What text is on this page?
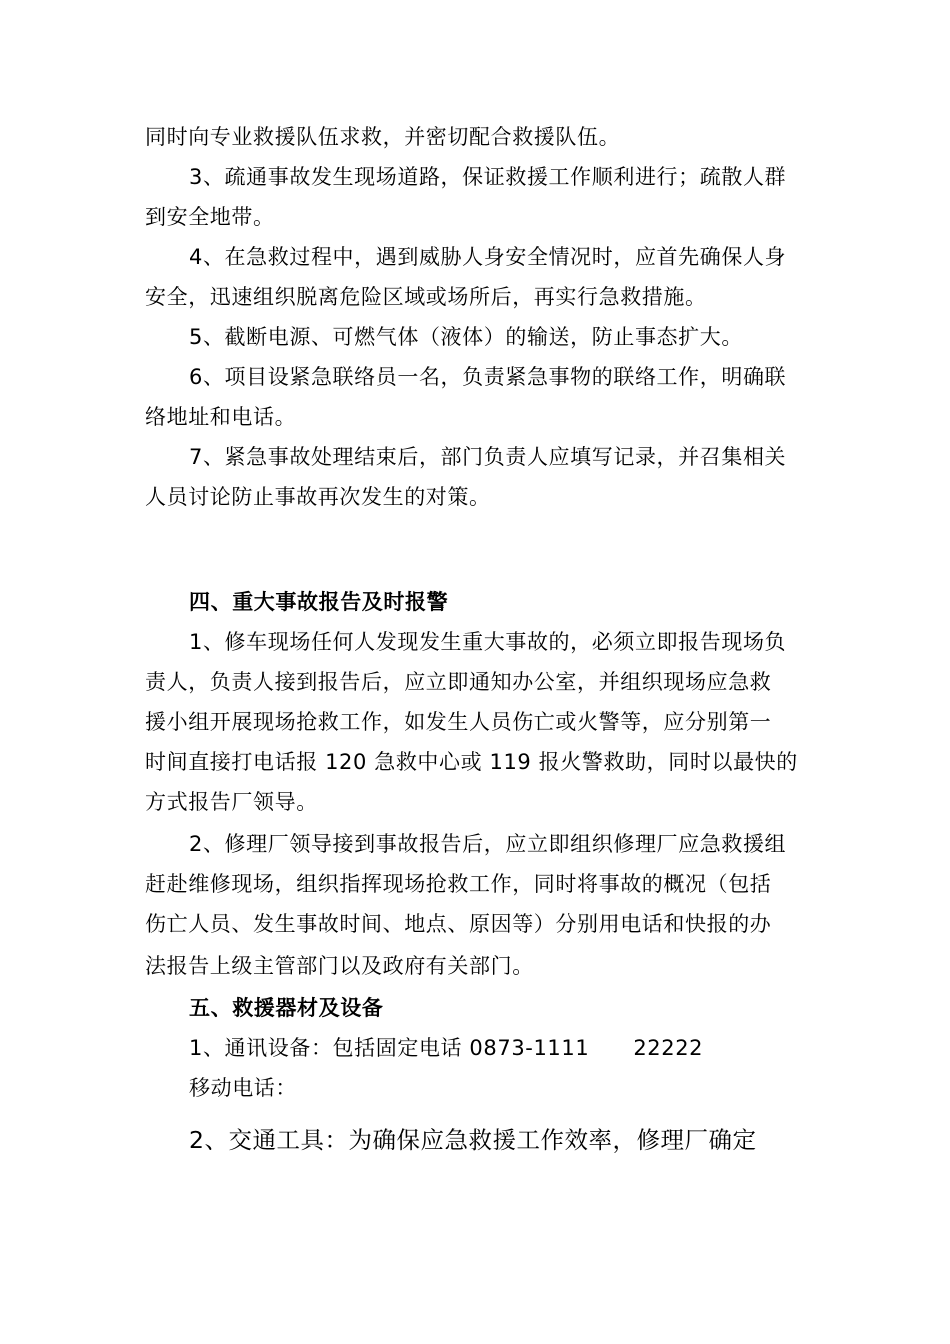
同时向专业救援队伍求救，并密切配合救援队伍。
3、疏通事故发生现场道路，保证救援工作顺利进行；疏散人群
到安全地带。
4、在急救过程中，遇到威胁人身安全情况时，应首先确保人身
安全，迅速组织脱离危险区域或场所后，再实行急救措施。
5、截断电源、可燃气体（液体）的输送，防止事态扩大。
6、项目设紧急联络员一名，负责紧急事物的联络工作，明确联
络地址和电话。
7、紧急事故处理结束后，部门负责人应填写记录，并召集相关
人员讨论防止事故再次发生的对策。
四、重大事故报告及时报警
1、修车现场任何人发现发生重大事故的，必须立即报告现场负
责人，负责人接到报告后，应立即通知办公室，并组织现场应急救
援小组开展现场抢救工作，如发生人员伤亡或火警等，应分别第一
时间直接打电话报 120 急救中心或 119 报火警救助，同时以最快的
方式报告厂领导。
2、修理厂领导接到事故报告后，应立即组织修理厂应急救援组
赶赴维修现场，组织指挥现场抢救工作，同时将事故的概况（包括
伤亡人员、发生事故时间、地点、原因等）分别用电话和快报的办
法报告上级主管部门以及政府有关部门。
五、救援器材及设备
1、通讯设备：包括固定电话 0873-1111 22222
移动电话：
2、交通工具：为确保应急救援工作效率，修理厂确定
